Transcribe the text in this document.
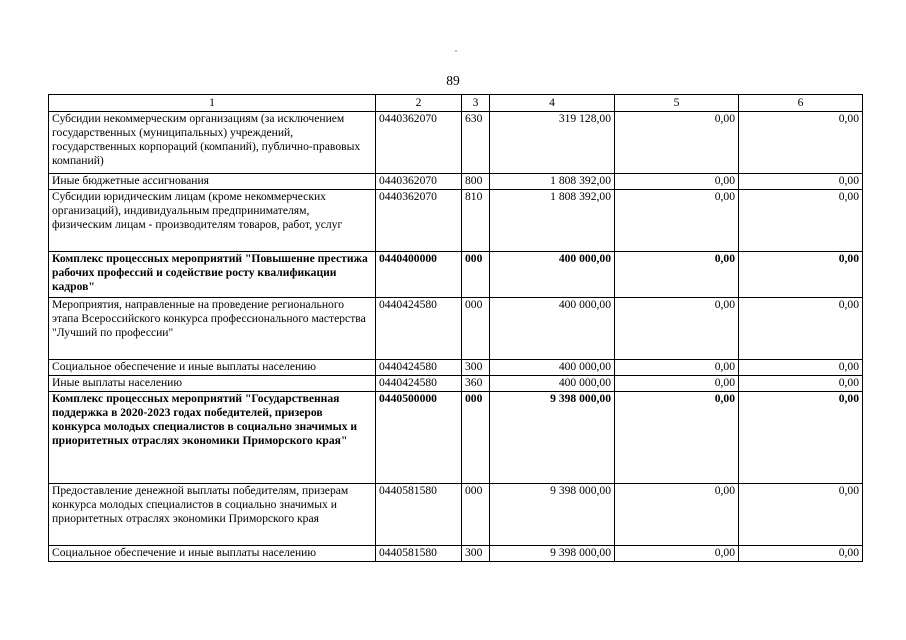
89
1	2	3	4	5	6
Субсидии некоммерческим организациям (за исключением государственных (муниципальных) учреждений, государственных корпораций (компаний), публично-правовых компаний)	0440362070	630	319 128,00	0,00	0,00
Иные бюджетные ассигнования	0440362070	800	1 808 392,00	0,00	0,00
Субсидии юридическим лицам (кроме некоммерческих организаций), индивидуальным предпринимателям, физическим лицам - производителям товаров, работ, услуг	0440362070	810	1 808 392,00	0,00	0,00
Комплекс процессных мероприятий "Повышение престижа рабочих профессий и содействие росту квалификации кадров"	0440400000	000	400 000,00	0,00	0,00
Мероприятия, направленные на проведение регионального этапа Всероссийского конкурса профессионального мастерства "Лучший по профессии"	0440424580	000	400 000,00	0,00	0,00
Социальное обеспечение и иные выплаты населению	0440424580	300	400 000,00	0,00	0,00
Иные выплаты населению	0440424580	360	400 000,00	0,00	0,00
Комплекс процессных мероприятий "Государственная поддержка в 2020-2023 годах победителей, призеров конкурса молодых специалистов в социально значимых и приоритетных отраслях экономики Приморского края"	0440500000	000	9 398 000,00	0,00	0,00
Предоставление денежной выплаты победителям, призерам конкурса молодых специалистов в социально значимых и приоритетных отраслях экономики Приморского края	0440581580	000	9 398 000,00	0,00	0,00
Социальное обеспечение и иные выплаты населению	0440581580	300	9 398 000,00	0,00	0,00
